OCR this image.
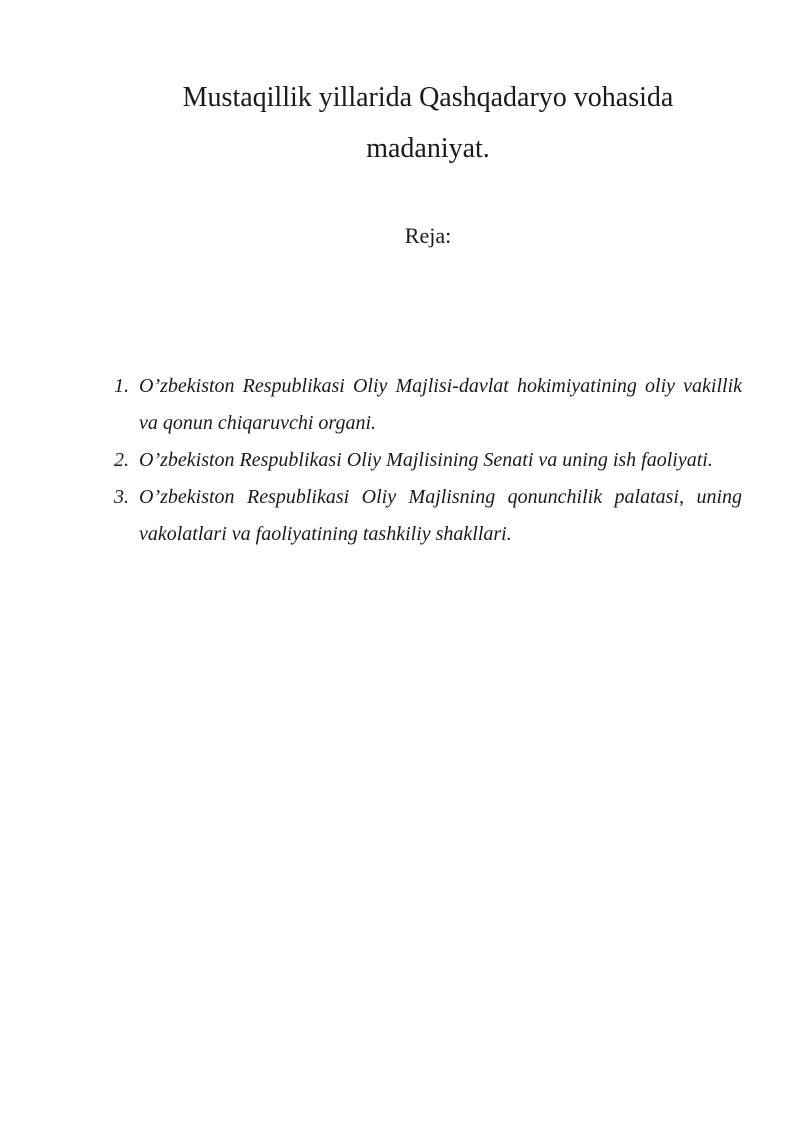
Mustaqillik yillarida Qashqadaryo vohasida
madaniyat.

Reja:

1. O’zbekiston Respublikasi Oliy Majlisi-davlat hokimiyatining oliy vakillik va qonun chiqaruvchi organi.
2. O’zbekiston Respublikasi Oliy Majlisining Senati va uning ish faoliyati.
3. O’zbekiston Respublikasi Oliy Majlisning qonunchilik palatasi, uning vakolatlari va faoliyatining tashkiliy shakllari.
